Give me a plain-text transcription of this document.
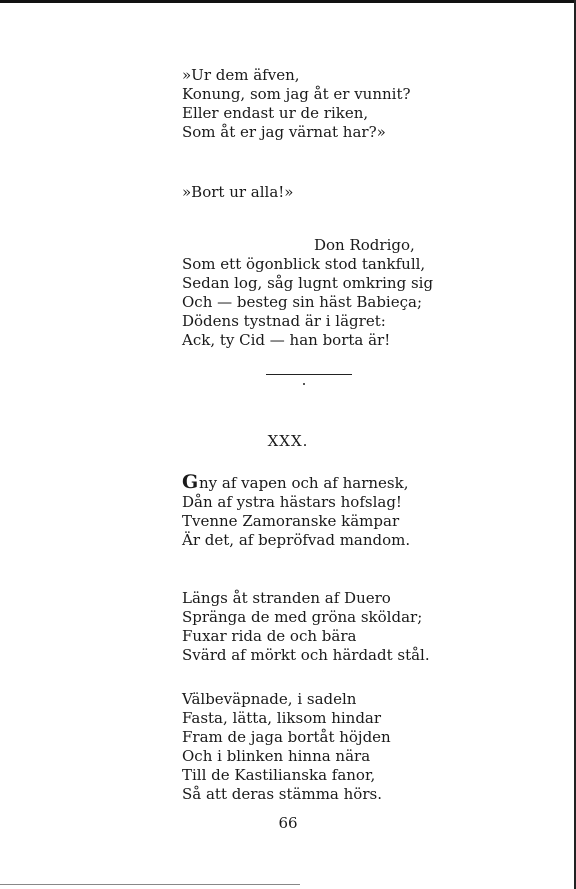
»Ur dem äfven,
Konung, som jag åt er vunnit?
Eller endast ur de riken,
Som åt er jag värnat har?»
»Bort ur alla!»
Don Rodrigo,
Som ett ögonblick stod tankfull,
Sedan log, såg lugnt omkring sig
Och — besteg sin häst Babieça;
Dödens tystnad är i lägret:
Ack, ty Cid — han borta är!
XXX.
G ny af vapen och af harnesk,
Dån af ystra hästars hofslag!
Tvenne Zamoranske kämpar
Är det, af bepröfvad mandom.
Längs åt stranden af Duero
Spränga de med gröna sköldar;
Fuxar rida de och bära
Svärd af mörkt och härdadt stål.
Välbeväpnade, i sadeln
Fasta, lätta, liksom hindar
Fram de jaga bortåt höjden
Och i blinken hinna nära
Till de Kastilianska fanor,
Så att deras stämma hörs.
66
